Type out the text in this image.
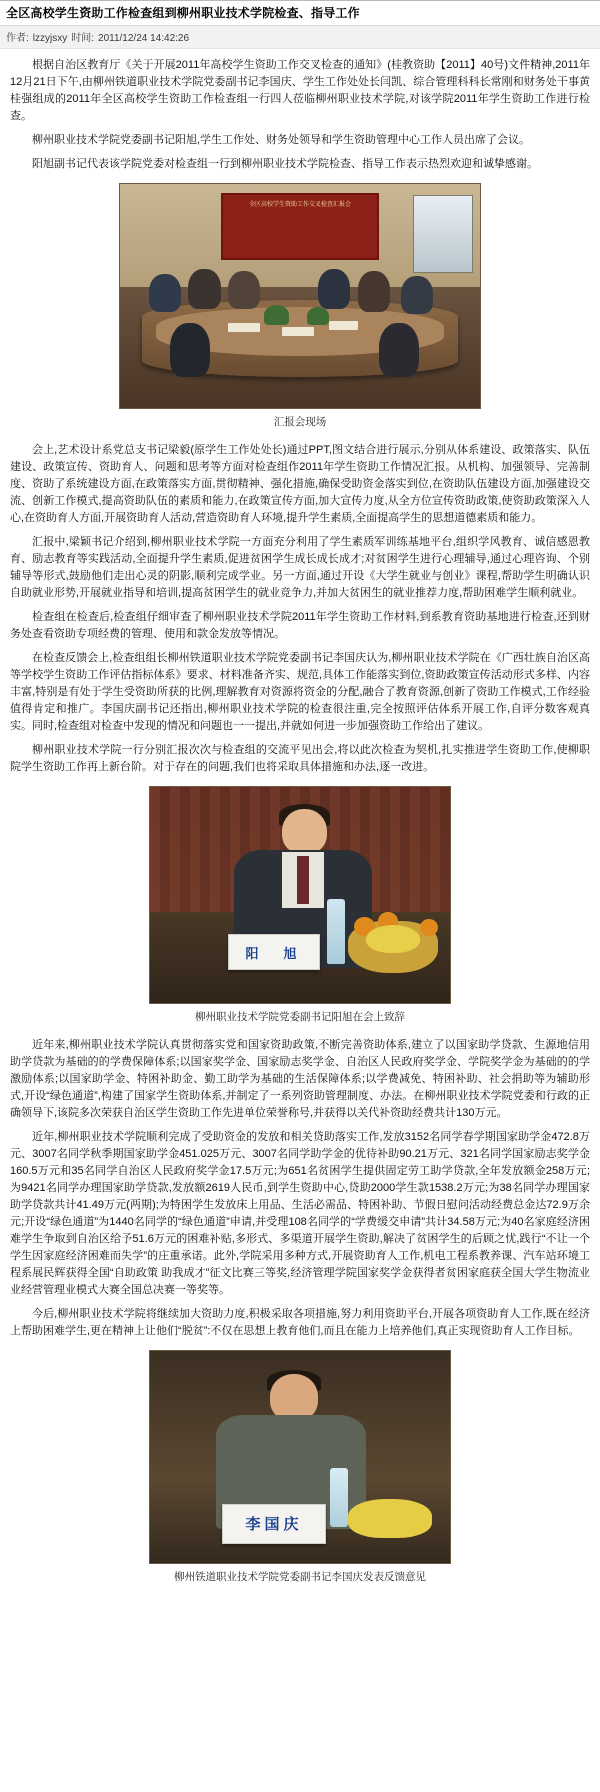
全区高校学生资助工作检查组到柳州职业技术学院检查、指导工作
作者: lzzyjsxy 时间: 2011/12/24 14:42:26

根据自治区教育厅《关于开展2011年高校学生资助工作交叉检查的通知》(桂教资助【2011】40号)文件精神,2011年12月21日下午,由柳州铁道职业技术学院党委副书记李国庆、学生工作处处长闫凯、综合管理科科长常刚和财务处干事黄桂强组成的2011年全区高校学生资助工作检查组一行四人莅临柳州职业技术学院,对该学院2011年学生资助工作进行检查。

柳州职业技术学院党委副书记阳旭,学生工作处、财务处领导和学生资助管理中心工作人员出席了会议。

阳旭副书记代表该学院党委对检查组一行到柳州职业技术学院检查、指导工作表示热烈欢迎和诚挚感谢。

全区高校学生资助工作交叉检查汇报会
汇报会现场

会上,艺术设计系党总支书记梁毅(原学生工作处处长)通过PPT,图文结合进行展示,分别从体系建设、政策落实、队伍建设、政策宣传、资助育人、问题和思考等方面对检查组作2011年学生资助工作情况汇报。从机构、加强领导、完善制度、资助了系统建设方面,在政策落实方面,贯彻精神、强化措施,确保受助资金落实到位,在资助队伍建设方面,加强建设交流、创新工作模式,提高资助队伍的素质和能力,在政策宣传方面,加大宣传力度,从全方位宣传资助政策,使资助政策深入人心,在资助育人方面,开展资助育人活动,营造资助育人环境,提升学生素质,全面提高学生的思想道德素质和能力。

汇报中,梁颖书记介绍到,柳州职业技术学院一方面充分利用了学生素质军训练基地平台,组织学风教育、诚信感恩教育、励志教育等实践活动,全面提升学生素质,促进贫困学生成长成长成才;对贫困学生进行心理辅导,通过心理咨询、个别辅导等形式,鼓励他们走出心灵的阴影,顺利完成学业。另一方面,通过开设《大学生就业与创业》课程,帮助学生明确认识自助就业形势,开展就业指导和培训,提高贫困学生的就业竞争力,并加大贫困生的就业推荐力度,帮助困难学生顺利就业。

检查组在检查后,检查组仔细审查了柳州职业技术学院2011年学生资助工作材料,到系教育资助基地进行检查,还到财务处查看资助专项经费的管理、使用和款金发放等情况。

在检查反馈会上,检查组组长柳州铁道职业技术学院党委副书记李国庆认为,柳州职业技术学院在《广西壮族自治区高等学校学生资助工作评估指标体系》要求、材料准备齐实、规范,具体工作能落实到位,资助政策宣传活动形式多样、内容丰富,特别是有处于学生受资助所获的比例,理解教育对资源将资金的分配,融合了教育资源,创新了资助工作模式,工作经验值得肯定和推广。李国庆副书记还指出,柳州职业技术学院的检查很注重,完全按照评估体系开展工作,自评分数客观真实。同时,检查组对检查中发现的情况和问题也一一提出,并就如何进一步加强资助工作给出了建议。

柳州职业技术学院一行分别汇报次次与检查组的交流平见出会,将以此次检查为契机,扎实推进学生资助工作,使柳职院学生资助工作再上新台阶。对于存在的问题,我们也将采取具体措施和办法,逐一改进。

阳　旭
柳州职业技术学院党委副书记阳旭在会上致辞

近年来,柳州职业技术学院认真贯彻落实党和国家资助政策,不断完善资助体系,建立了以国家助学贷款、生源地信用助学贷款为基础的的学费保障体系;以国家奖学金、国家励志奖学金、自治区人民政府奖学金、学院奖学金为基础的的学激励体系;以国家助学金、特困补助金、勤工助学为基础的生活保障体系;以学费减免、特困补助、社会捐助等为辅助形式,开设“绿色通道”,构建了国家学生资助体系,并制定了一系列资助管理制度、办法。在柳州职业技术学院党委和行政的正确领导下,该院多次荣获自治区学生资助工作先进单位荣誉称号,并获得以关代补资助经费共计130万元。

近年,柳州职业技术学院顺利完成了受助资金的发放和相关贷助落实工作,发放3152名同学春学期国家助学金472.8万元、3007名同学秋季期国家助学金451.025万元、3007名同学助学金的优待补助90.21万元、321名同学国家励志奖学金160.5万元和35名同学自治区人民政府奖学金17.5万元;为651名贫困学生提供固定劳工助学贷款,全年发放额金258万元;为9421名同学办理国家助学贷款,发放额2619人民币,到学生资助中心,贷助2000学生款1538.2万元;为38名同学办理国家助学贷款共计41.49万元(两期);为特困学生发放床上用品、生活必需品、特困补助、节假日慰问活动经费总金达72.9万余元;开设“绿色通道”为1440名同学的“绿色通道”申请,并受理108名同学的“学费缓交申请”共计34.58万元;为40名家庭经济困难学生争取到自治区给予51.6万元的困难补贴,多形式、多渠道开展学生资助,解决了贫困学生的后顾之忧,践行“不让一个学生因家庭经济困难而失学”的庄重承诺。此外,学院采用多种方式,开展资助育人工作,机电工程系教养课、汽车站环境工程系展民辉获得全国“自助政策 助我成才”征文比赛三等奖,经济管理学院国家奖学金获得者贫困家庭获全国大学生物流业业经营管理业模式大赛全国总决赛一等奖等。

今后,柳州职业技术学院将继续加大资助力度,积极采取各项措施,努力利用资助平台,开展各项资助育人工作,既在经济上帮助困难学生,更在精神上让他们“脱贫”:不仅在思想上教育他们,而且在能力上培养他们,真正实现资助育人工作目标。

李国庆
柳州铁道职业技术学院党委副书记李国庆发表反馈意见
